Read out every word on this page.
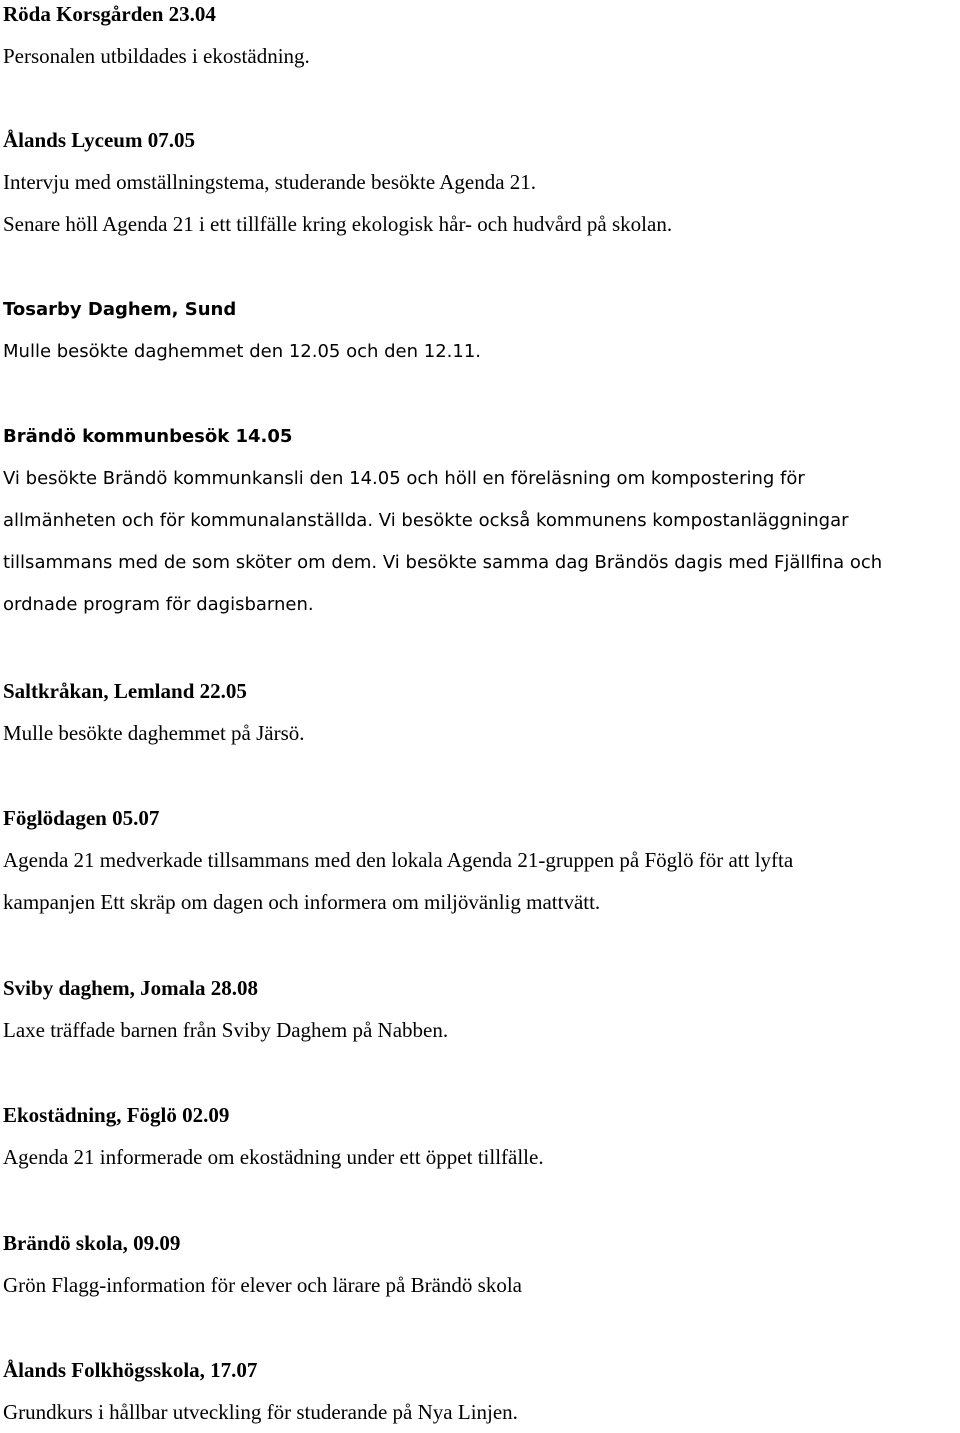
Röda Korsgården 23.04
Personalen utbildades i ekostädning.
Ålands Lyceum 07.05
Intervju med omställningstema, studerande besökte Agenda 21.
Senare höll Agenda 21 i ett tillfälle kring ekologisk hår- och hudvård på skolan.
Tosarby Daghem, Sund
Mulle besökte daghemmet den 12.05 och den 12.11.
Brändö kommunbesök 14.05
Vi besökte Brändö kommunkansli den 14.05 och höll en föreläsning om kompostering för
allmänheten och för kommunalanställda. Vi besökte också kommunens kompostanläggningar
tillsammans med de som sköter om dem. Vi besökte samma dag Brändös dagis med Fjällfina och
ordnade program för dagisbarnen.
Saltkråkan, Lemland 22.05
Mulle besökte daghemmet på Järsö.
Föglödagen 05.07
Agenda 21 medverkade tillsammans med den lokala Agenda 21-gruppen på Föglö för att lyfta
kampanjen Ett skräp om dagen och informera om miljövänlig mattvätt.
Sviby daghem, Jomala 28.08
Laxe träffade barnen från Sviby Daghem på Nabben.
Ekostädning, Föglö 02.09
Agenda 21 informerade om ekostädning under ett öppet tillfälle.
Brändö skola, 09.09
Grön Flagg-information för elever och lärare på Brändö skola
Ålands Folkhögsskola, 17.07
Grundkurs i hållbar utveckling för studerande på Nya Linjen.
